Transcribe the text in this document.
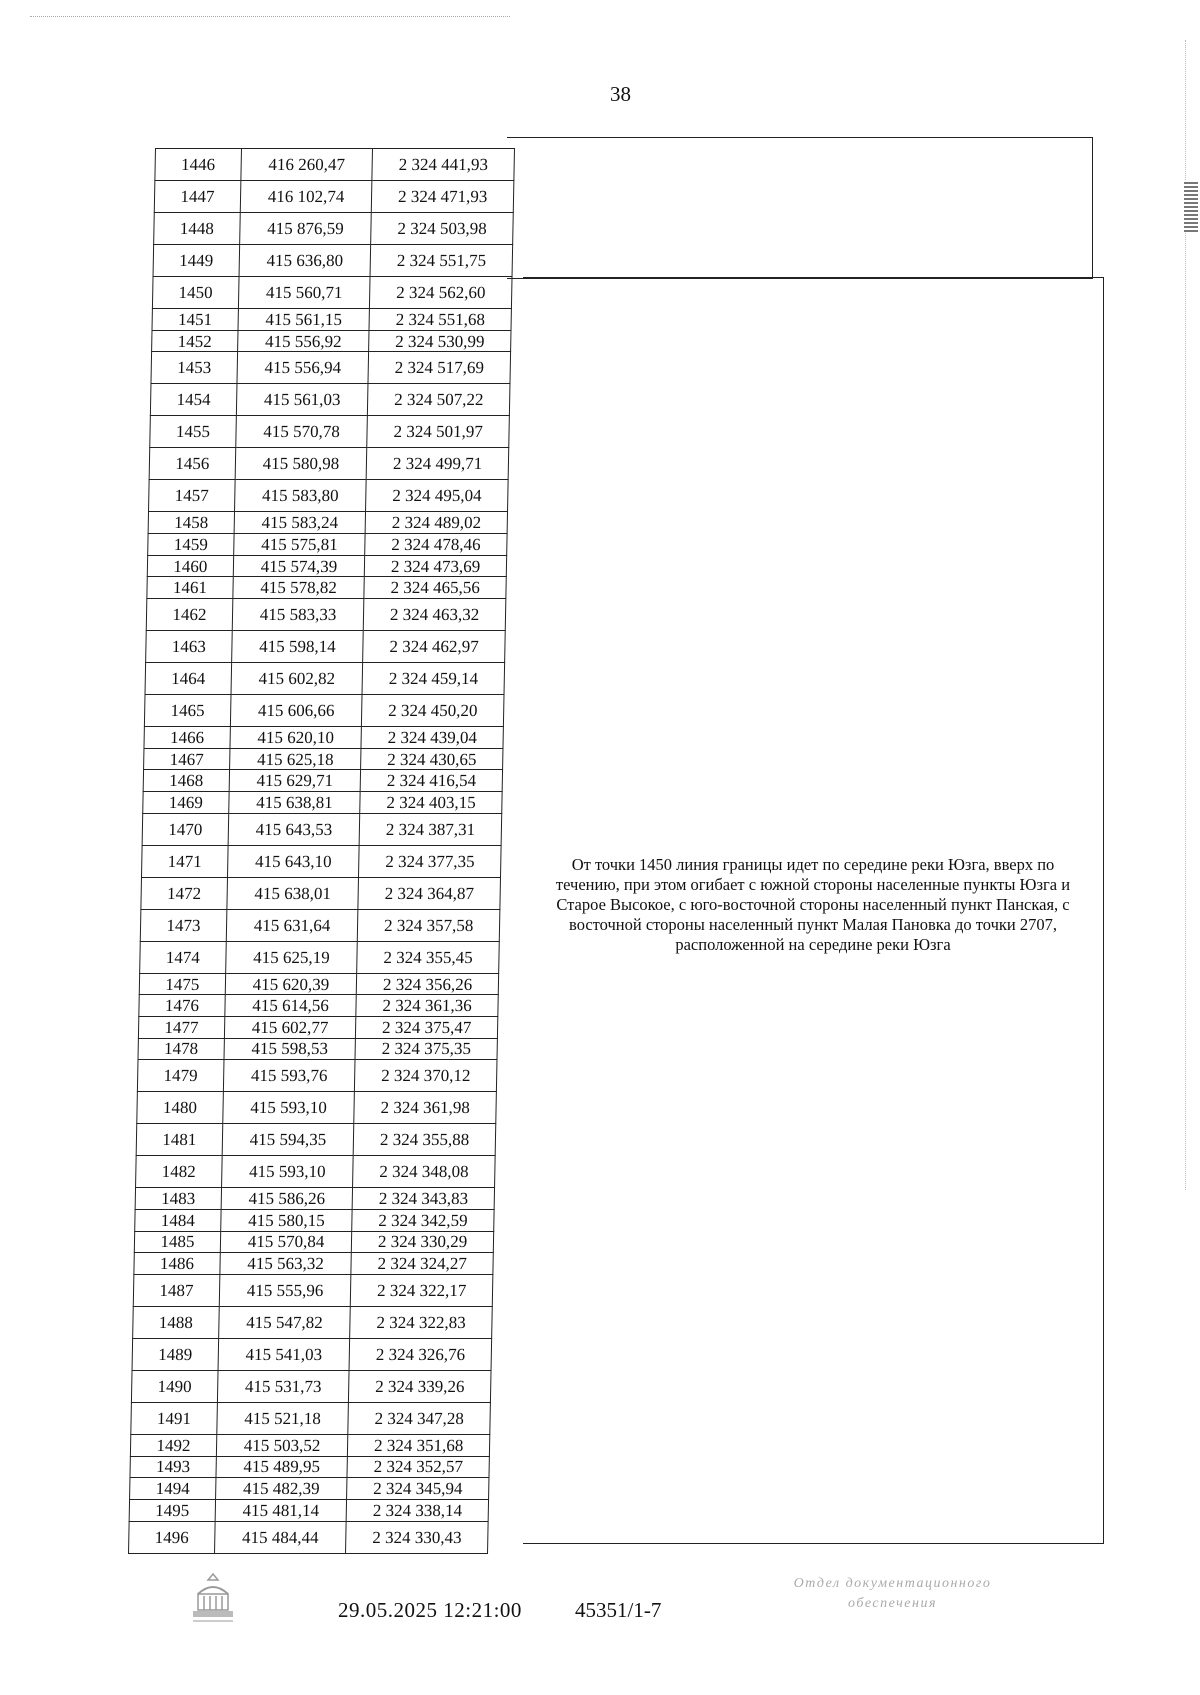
38
1446	416 260,47	2 324 441,93
1447	416 102,74	2 324 471,93
1448	415 876,59	2 324 503,98
1449	415 636,80	2 324 551,75
1450	415 560,71	2 324 562,60
1451	415 561,15	2 324 551,68
1452	415 556,92	2 324 530,99
1453	415 556,94	2 324 517,69
1454	415 561,03	2 324 507,22
1455	415 570,78	2 324 501,97
1456	415 580,98	2 324 499,71
1457	415 583,80	2 324 495,04
1458	415 583,24	2 324 489,02
1459	415 575,81	2 324 478,46
1460	415 574,39	2 324 473,69
1461	415 578,82	2 324 465,56
1462	415 583,33	2 324 463,32
1463	415 598,14	2 324 462,97
1464	415 602,82	2 324 459,14
1465	415 606,66	2 324 450,20
1466	415 620,10	2 324 439,04
1467	415 625,18	2 324 430,65
1468	415 629,71	2 324 416,54
1469	415 638,81	2 324 403,15
1470	415 643,53	2 324 387,31
1471	415 643,10	2 324 377,35
1472	415 638,01	2 324 364,87
1473	415 631,64	2 324 357,58
1474	415 625,19	2 324 355,45
1475	415 620,39	2 324 356,26
1476	415 614,56	2 324 361,36
1477	415 602,77	2 324 375,47
1478	415 598,53	2 324 375,35
1479	415 593,76	2 324 370,12
1480	415 593,10	2 324 361,98
1481	415 594,35	2 324 355,88
1482	415 593,10	2 324 348,08
1483	415 586,26	2 324 343,83
1484	415 580,15	2 324 342,59
1485	415 570,84	2 324 330,29
1486	415 563,32	2 324 324,27
1487	415 555,96	2 324 322,17
1488	415 547,82	2 324 322,83
1489	415 541,03	2 324 326,76
1490	415 531,73	2 324 339,26
1491	415 521,18	2 324 347,28
1492	415 503,52	2 324 351,68
1493	415 489,95	2 324 352,57
1494	415 482,39	2 324 345,94
1495	415 481,14	2 324 338,14
1496	415 484,44	2 324 330,43
От точки 1450 линия границы идет по середине реки Юзга, вверх по
течению, при этом огибает с южной стороны населенные пункты Юзга и
Старое Высокое, с юго-восточной стороны населенный пункт Панская, с
восточной стороны населенный пункт Малая Пановка до точки 2707,
расположенной на середине реки Юзга
29.05.2025 12:21:00	45351/1-7
Отдел документационного
обеспечения
